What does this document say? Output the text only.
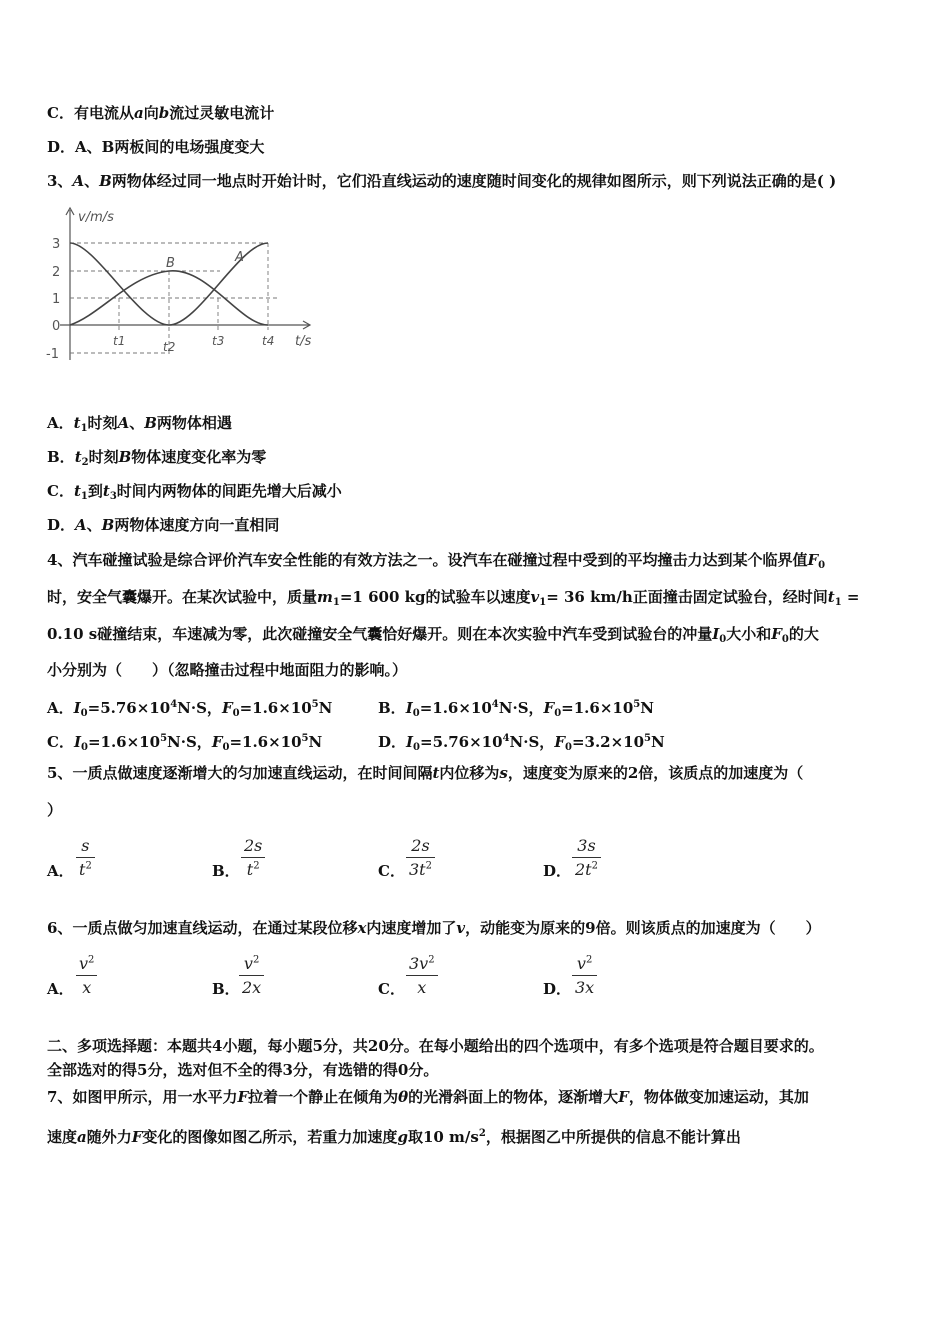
C．有电流从a向b流过灵敏电流计
D．A、B两板间的电场强度变大
3、A、B两物体经过同一地点时开始计时，它们沿直线运动的速度随时间变化的规律如图所示，则下列说法正确的是( )
v/m/s
t/s
3
2
1
0
-1
t1	t2	t3	t4
A
B
A．$t_1$时刻A、B两物体相遇
B．$t_2$时刻B物体速度变化率为零
C．$t_1$到$t_3$时间内两物体的间距先增大后减小
D．A、B两物体速度方向一直相同
4、汽车碰撞试验是综合评价汽车安全性能的有效方法之一。设汽车在碰撞过程中受到的平均撞击力达到某个临界值$F_0$
时，安全气囊爆开。在某次试验中，质量$m_1=1$ 600 kg的试验车以速度$v_1= 36$ km/h正面撞击固定试验台，经时间$t_1$ =
0.10 s碰撞结束，车速减为零，此次碰撞安全气囊恰好爆开。则在本次实验中汽车受到试验台的冲量$I_0$大小和$F_0$的大
小分别为（　　）（忽略撞击过程中地面阻力的影响。）
A．$I_0=5.76\times 10^4N\cdot S$，$F_0=1.6\times 10^5N$	B．$I_0=1.6\times 10^4N\cdot S$，$F_0=1.6\times 10^5N$
C．$I_0=1.6\times 10^5N\cdot S$，$F_0=1.6\times 10^5N$	D．$I_0=5.76\times 10^4N\cdot S$，$F_0=3.2\times 10^5N$
5、一质点做速度逐渐增大的匀加速直线运动，在时间间隔t内位移为s，速度变为原来的2倍，该质点的加速度为（
）
A．
s
$t^2$	B．
2s
$t^2$	C．
2s
$3t^2$	D．
3s
$2t^2$
6、一质点做匀加速直线运动，在通过某段位移x内速度增加了v，动能变为原来的9倍。则该质点的加速度为（　　）
A．
$v^2$
x	B．
$v^2$
2x	C．
$3v^2$
x	D．
$v^2$
3x
二、多项选择题：本题共4小题，每小题5分，共20分。在每小题给出的四个选项中，有多个选项是符合题目要求的。
全部选对的得5分，选对但不全的得3分，有选错的得0分。
7、如图甲所示，用一水平力F拉着一个静止在倾角为θ的光滑斜面上的物体，逐渐增大F，物体做变加速运动，其加
速度a随外力F变化的图像如图乙所示，若重力加速度g取10 $m/s^2$，根据图乙中所提供的信息不能计算出
